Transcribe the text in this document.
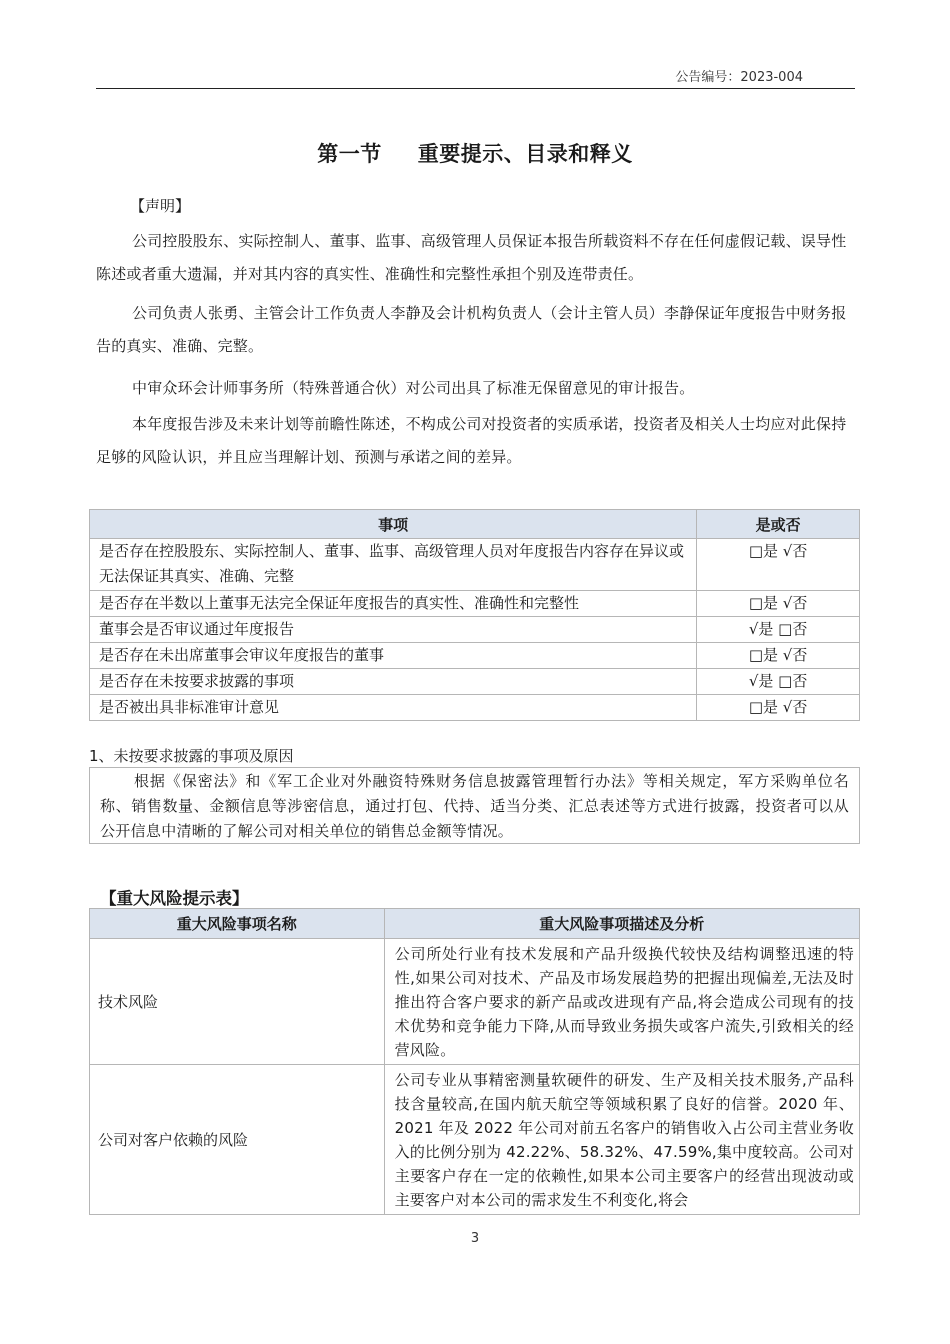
公告编号：2023-004
第一节 重要提示、目录和释义
【声明】

公司控股股东、实际控制人、董事、监事、高级管理人员保证本报告所载资料不存在任何虚假记载、误导性陈述或者重大遗漏，并对其内容的真实性、准确性和完整性承担个别及连带责任。

公司负责人张勇、主管会计工作负责人李静及会计机构负责人（会计主管人员）李静保证年度报告中财务报告的真实、准确、完整。

中审众环会计师事务所（特殊普通合伙）对公司出具了标准无保留意见的审计报告。

本年度报告涉及未来计划等前瞻性陈述，不构成公司对投资者的实质承诺，投资者及相关人士均应对此保持足够的风险认识，并且应当理解计划、预测与承诺之间的差异。

事项	是或否
是否存在控股股东、实际控制人、董事、监事、高级管理人员对年度报告内容存在异议或无法保证其真实、准确、完整	□是 √否
是否存在半数以上董事无法完全保证年度报告的真实性、准确性和完整性	□是 √否
董事会是否审议通过年度报告	√是 □否
是否存在未出席董事会审议年度报告的董事	□是 √否
是否存在未按要求披露的事项	√是 □否
是否被出具非标准审计意见	□是 √否
1、未按要求披露的事项及原因
根据《保密法》和《军工企业对外融资特殊财务信息披露管理暂行办法》等相关规定，军方采购单位名称、销售数量、金额信息等涉密信息，通过打包、代持、适当分类、汇总表述等方式进行披露，投资者可以从公开信息中清晰的了解公司对相关单位的销售总金额等情况。
【重大风险提示表】
重大风险事项名称	重大风险事项描述及分析
技术风险	公司所处行业有技术发展和产品升级换代较快及结构调整迅速的特性,如果公司对技术、产品及市场发展趋势的把握出现偏差,无法及时推出符合客户要求的新产品或改进现有产品,将会造成公司现有的技术优势和竞争能力下降,从而导致业务损失或客户流失,引致相关的经营风险。
公司对客户依赖的风险	公司专业从事精密测量软硬件的研发、生产及相关技术服务,产品科技含量较高,在国内航天航空等领域积累了良好的信誉。2020 年、2021 年及 2022 年公司对前五名客户的销售收入占公司主营业务收入的比例分别为 42.22%、58.32%、47.59%,集中度较高。公司对主要客户存在一定的依赖性,如果本公司主要客户的经营出现波动或主要客户对本公司的需求发生不利变化,将会
3
